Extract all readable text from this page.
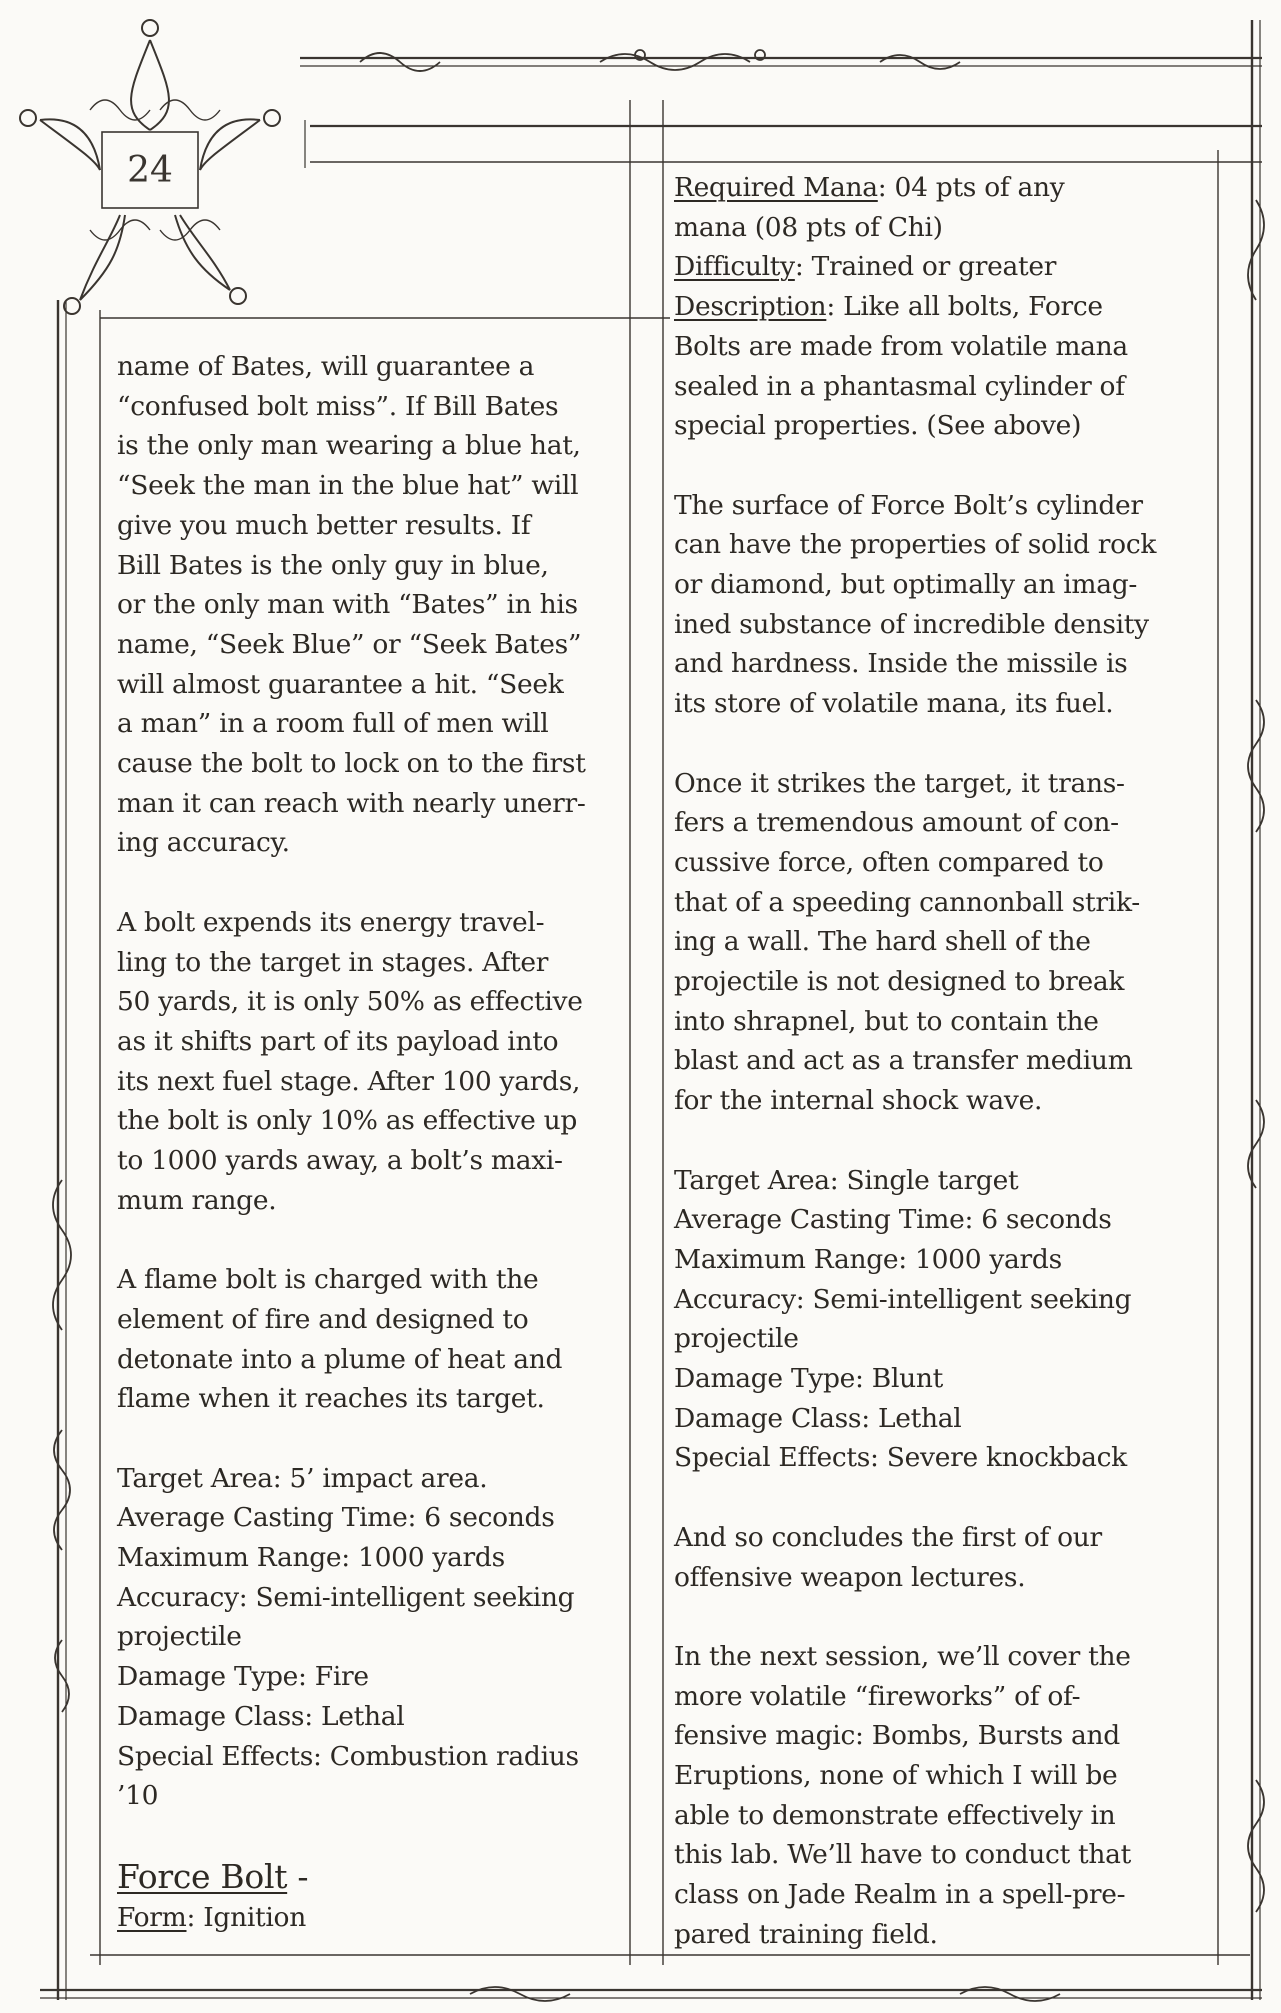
24

name of Bates, will guarantee a
“confused bolt miss”. If Bill Bates
is the only man wearing a blue hat,
“Seek the man in the blue hat” will
give you much better results. If
Bill Bates is the only guy in blue,
or the only man with “Bates” in his
name, “Seek Blue” or “Seek Bates”
will almost guarantee a hit. “Seek
a man” in a room full of men will
cause the bolt to lock on to the first
man it can reach with nearly unerr-
ing accuracy.

A bolt expends its energy travel-
ling to the target in stages. After
50 yards, it is only 50% as effective
as it shifts part of its payload into
its next fuel stage. After 100 yards,
the bolt is only 10% as effective up
to 1000 yards away, a bolt’s maxi-
mum range.

A flame bolt is charged with the
element of fire and designed to
detonate into a plume of heat and
flame when it reaches its target.

Target Area: 5’ impact area.
Average Casting Time: 6 seconds
Maximum Range: 1000 yards
Accuracy: Semi-intelligent seeking
projectile
Damage Type: Fire
Damage Class: Lethal
Special Effects: Combustion radius
’10

Force Bolt -
Form: Ignition

Required Mana: 04 pts of any
mana (08 pts of Chi)
Difficulty: Trained or greater
Description: Like all bolts, Force
Bolts are made from volatile mana
sealed in a phantasmal cylinder of
special properties. (See above)

The surface of Force Bolt’s cylinder
can have the properties of solid rock
or diamond, but optimally an imag-
ined substance of incredible density
and hardness. Inside the missile is
its store of volatile mana, its fuel.

Once it strikes the target, it trans-
fers a tremendous amount of con-
cussive force, often compared to
that of a speeding cannonball strik-
ing a wall. The hard shell of the
projectile is not designed to break
into shrapnel, but to contain the
blast and act as a transfer medium
for the internal shock wave.

Target Area: Single target
Average Casting Time: 6 seconds
Maximum Range: 1000 yards
Accuracy: Semi-intelligent seeking
projectile
Damage Type: Blunt
Damage Class: Lethal
Special Effects: Severe knockback

And so concludes the first of our
offensive weapon lectures.

In the next session, we’ll cover the
more volatile “fireworks” of of-
fensive magic: Bombs, Bursts and
Eruptions, none of which I will be
able to demonstrate effectively in
this lab. We’ll have to conduct that
class on Jade Realm in a spell-pre-
pared training field.
